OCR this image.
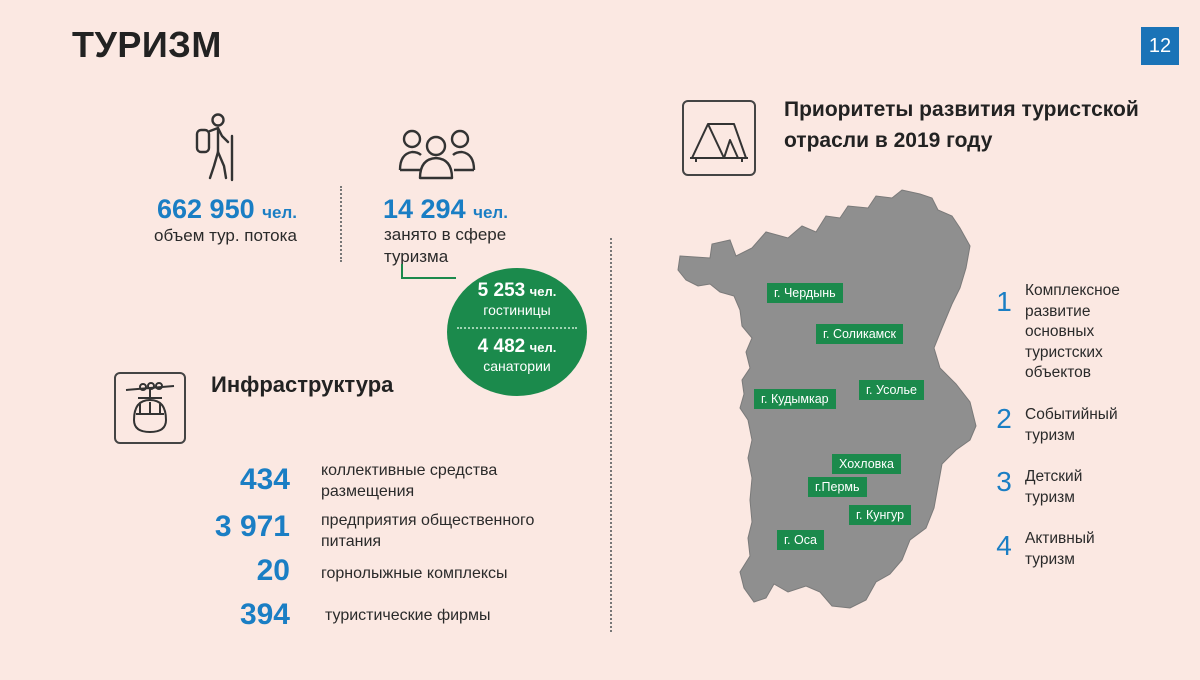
ТУРИЗМ	12
662 950 чел.
объем тур. потока
14 294 чел.
занято в сфере туризма
5 253 чел.
гостиницы
4 482 чел.
санатории
Инфраструктура
434 коллективные средства размещения
3 971 предприятия общественного питания
20 горнолыжные комплексы
394 туристические фирмы
Приоритеты развития туристской отрасли в 2019 году
г. Чердынь
г. Соликамск
г. Усолье
г. Кудымкар
Хохловка
г.Пермь
г. Кунгур
г. Оса
1 Комплексное развитие основных туристских объектов
2 Событийный туризм
3 Детский туризм
4 Активный туризм
